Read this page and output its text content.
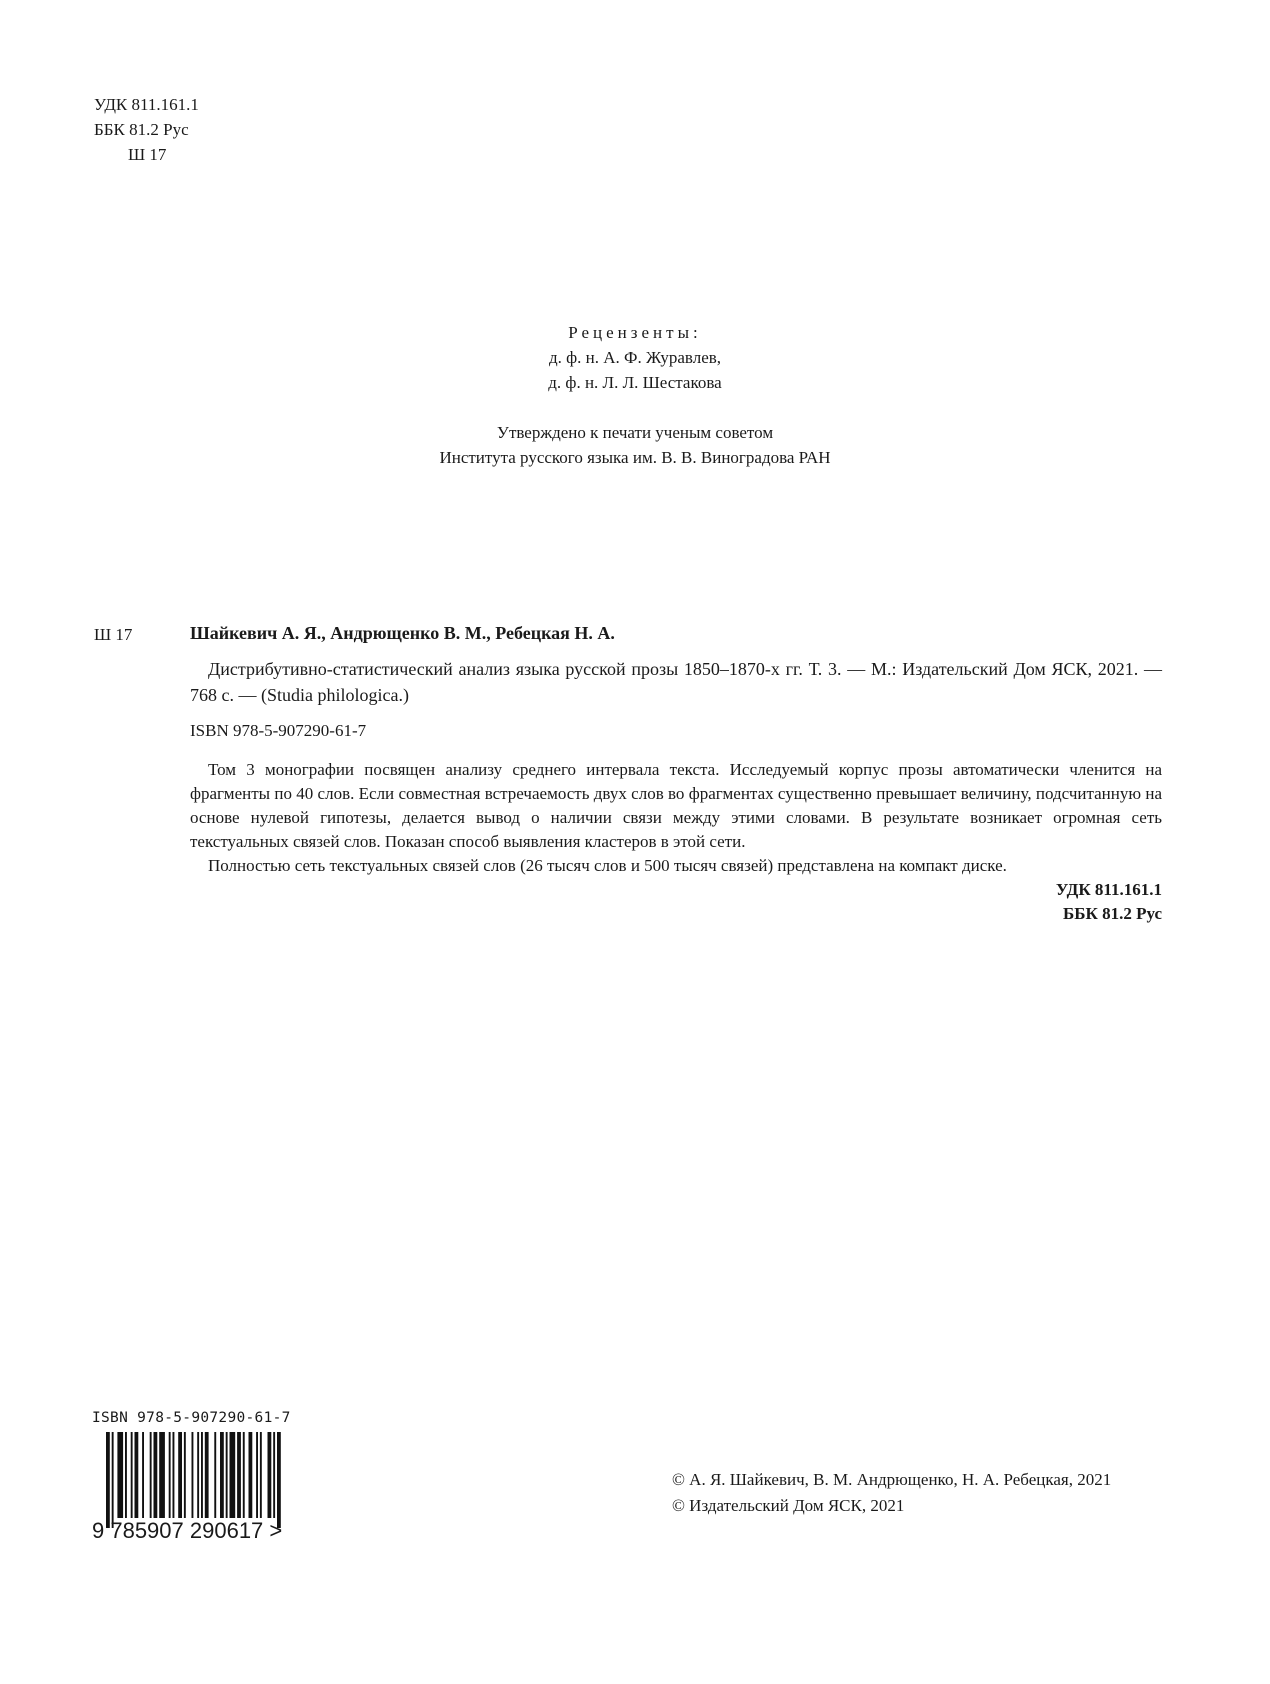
УДК 811.161.1
ББК 81.2 Рус
Ш 17
Рецензенты:
д. ф. н. А. Ф. Журавлев,
д. ф. н. Л. Л. Шестакова
Утверждено к печати ученым советом
Института русского языка им. В. В. Виноградова РАН
Ш 17	Шайкевич А. Я., Андрющенко В. М., Ребецкая Н. А.
Дистрибутивно-статистический анализ языка русской прозы 1850–1870-х гг. Т. 3. — М.: Издательский Дом ЯСК, 2021. — 768 с. — (Studia philologica.)
ISBN 978-5-907290-61-7

Том 3 монографии посвящен анализу среднего интервала текста. Исследуемый корпус прозы автоматически членится на фрагменты по 40 слов. Если совместная встречаемость двух слов во фрагментах существенно превышает величину, подсчитанную на основе нулевой гипотезы, делается вывод о наличии связи между этими словами. В результате возникает огромная сеть текстуальных связей слов. Показан способ выявления кластеров в этой сети.

Полностью сеть текстуальных связей слов (26 тысяч слов и 500 тысяч связей) представлена на компакт диске.

УДК 811.161.1
ББК 81.2 Рус
ISBN 978-5-907290-61-7
9 785907 290617 >
© А. Я. Шайкевич, В. М. Андрющенко, Н. А. Ребецкая, 2021
© Издательский Дом ЯСК, 2021
